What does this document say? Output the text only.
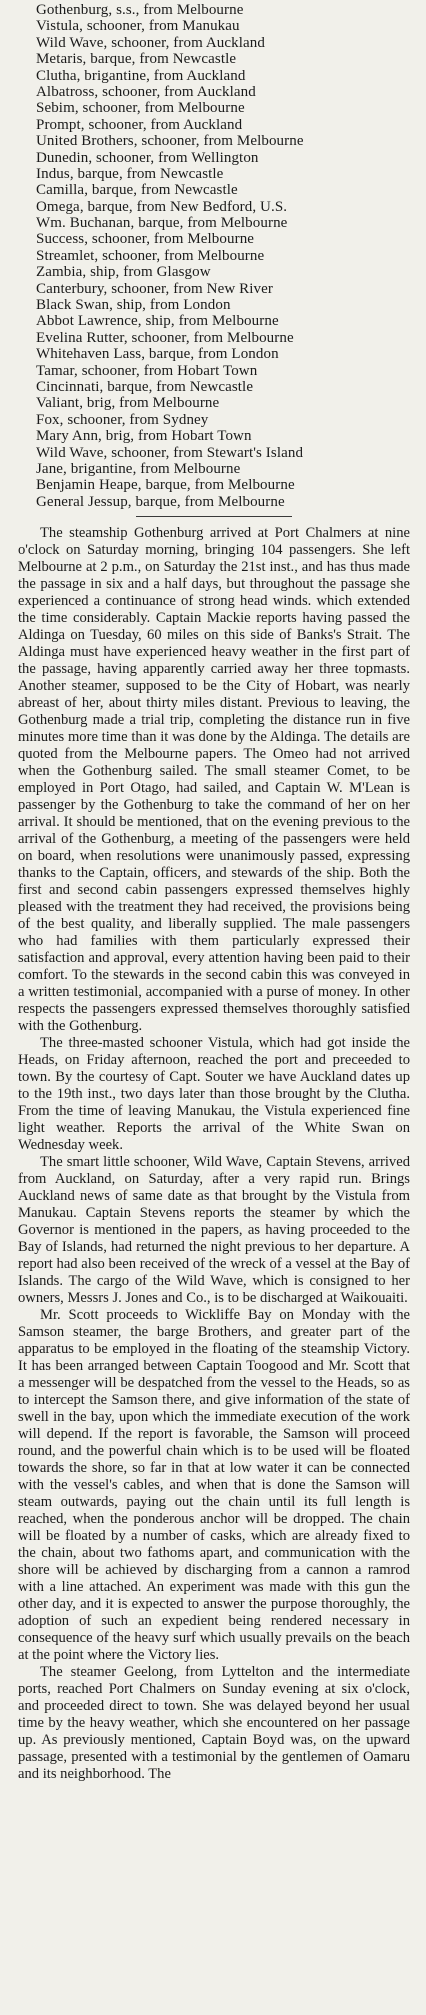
Gothenburg, s.s., from Melbourne
Vistula, schooner, from Manukau
Wild Wave, schooner, from Auckland
Metaris, barque, from Newcastle
Clutha, brigantine, from Auckland
Albatross, schooner, from Auckland
Sebim, schooner, from Melbourne
Prompt, schooner, from Auckland
United Brothers, schooner, from Melbourne
Dunedin, schooner, from Wellington
Indus, barque, from Newcastle
Camilla, barque, from Newcastle
Omega, barque, from New Bedford, U.S.
Wm. Buchanan, barque, from Melbourne
Success, schooner, from Melbourne
Streamlet, schooner, from Melbourne
Zambia, ship, from Glasgow
Canterbury, schooner, from New River
Black Swan, ship, from London
Abbot Lawrence, ship, from Melbourne
Evelina Rutter, schooner, from Melbourne
Whitehaven Lass, barque, from London
Tamar, schooner, from Hobart Town
Cincinnati, barque, from Newcastle
Valiant, brig, from Melbourne
Fox, schooner, from Sydney
Mary Ann, brig, from Hobart Town
Wild Wave, schooner, from Stewart's Island
Jane, brigantine, from Melbourne
Benjamin Heape, barque, from Melbourne
General Jessup, barque, from Melbourne

The steamship Gothenburg arrived at Port Chalmers at nine o'clock on Saturday morning, bringing 104 passengers. She left Melbourne at 2 p.m., on Saturday the 21st inst., and has thus made the passage in six and a half days, but throughout the passage she experienced a continuance of strong head winds. which extended the time considerably. Captain Mackie reports having passed the Aldinga on Tuesday, 60 miles on this side of Banks's Strait. The Aldinga must have experienced heavy weather in the first part of the passage, having apparently carried away her three topmasts. Another steamer, supposed to be the City of Hobart, was nearly abreast of her, about thirty miles distant. Previous to leaving, the Gothenburg made a trial trip, completing the distance run in five minutes more time than it was done by the Aldinga. The details are quoted from the Melbourne papers. The Omeo had not arrived when the Gothenburg sailed. The small steamer Comet, to be employed in Port Otago, had sailed, and Captain W. M'Lean is passenger by the Gothenburg to take the command of her on her arrival. It should be mentioned, that on the evening previous to the arrival of the Gothenburg, a meeting of the passengers were held on board, when resolutions were unanimously passed, expressing thanks to the Captain, officers, and stewards of the ship. Both the first and second cabin passengers expressed themselves highly pleased with the treatment they had received, the provisions being of the best quality, and liberally supplied. The male passengers who had families with them particularly expressed their satisfaction and approval, every attention having been paid to their comfort. To the stewards in the second cabin this was conveyed in a written testimonial, accompanied with a purse of money. In other respects the passengers expressed themselves thoroughly satisfied with the Gothenburg.

The three-masted schooner Vistula, which had got inside the Heads, on Friday afternoon, reached the port and preceeded to town. By the courtesy of Capt. Souter we have Auckland dates up to the 19th inst., two days later than those brought by the Clutha. From the time of leaving Manukau, the Vistula experienced fine light weather. Reports the arrival of the White Swan on Wednesday week.

The smart little schooner, Wild Wave, Captain Stevens, arrived from Auckland, on Saturday, after a very rapid run. Brings Auckland news of same date as that brought by the Vistula from Manukau. Captain Stevens reports the steamer by which the Governor is mentioned in the papers, as having proceeded to the Bay of Islands, had returned the night previous to her departure. A report had also been received of the wreck of a vessel at the Bay of Islands. The cargo of the Wild Wave, which is consigned to her owners, Messrs J. Jones and Co., is to be discharged at Waikouaiti.

Mr. Scott proceeds to Wickliffe Bay on Monday with the Samson steamer, the barge Brothers, and greater part of the apparatus to be employed in the floating of the steamship Victory. It has been arranged between Captain Toogood and Mr. Scott that a messenger will be despatched from the vessel to the Heads, so as to intercept the Samson there, and give information of the state of swell in the bay, upon which the immediate execution of the work will depend. If the report is favorable, the Samson will proceed round, and the powerful chain which is to be used will be floated towards the shore, so far in that at low water it can be connected with the vessel's cables, and when that is done the Samson will steam outwards, paying out the chain until its full length is reached, when the ponderous anchor will be dropped. The chain will be floated by a number of casks, which are already fixed to the chain, about two fathoms apart, and communication with the shore will be achieved by discharging from a cannon a ramrod with a line attached. An experiment was made with this gun the other day, and it is expected to answer the purpose thoroughly, the adoption of such an expedient being rendered necessary in consequence of the heavy surf which usually prevails on the beach at the point where the Victory lies.

The steamer Geelong, from Lyttelton and the intermediate ports, reached Port Chalmers on Sunday evening at six o'clock, and proceeded direct to town. She was delayed beyond her usual time by the heavy weather, which she encountered on her passage up. As previously mentioned, Captain Boyd was, on the upward passage, presented with a testimonial by the gentlemen of Oamaru and its neighborhood. The
